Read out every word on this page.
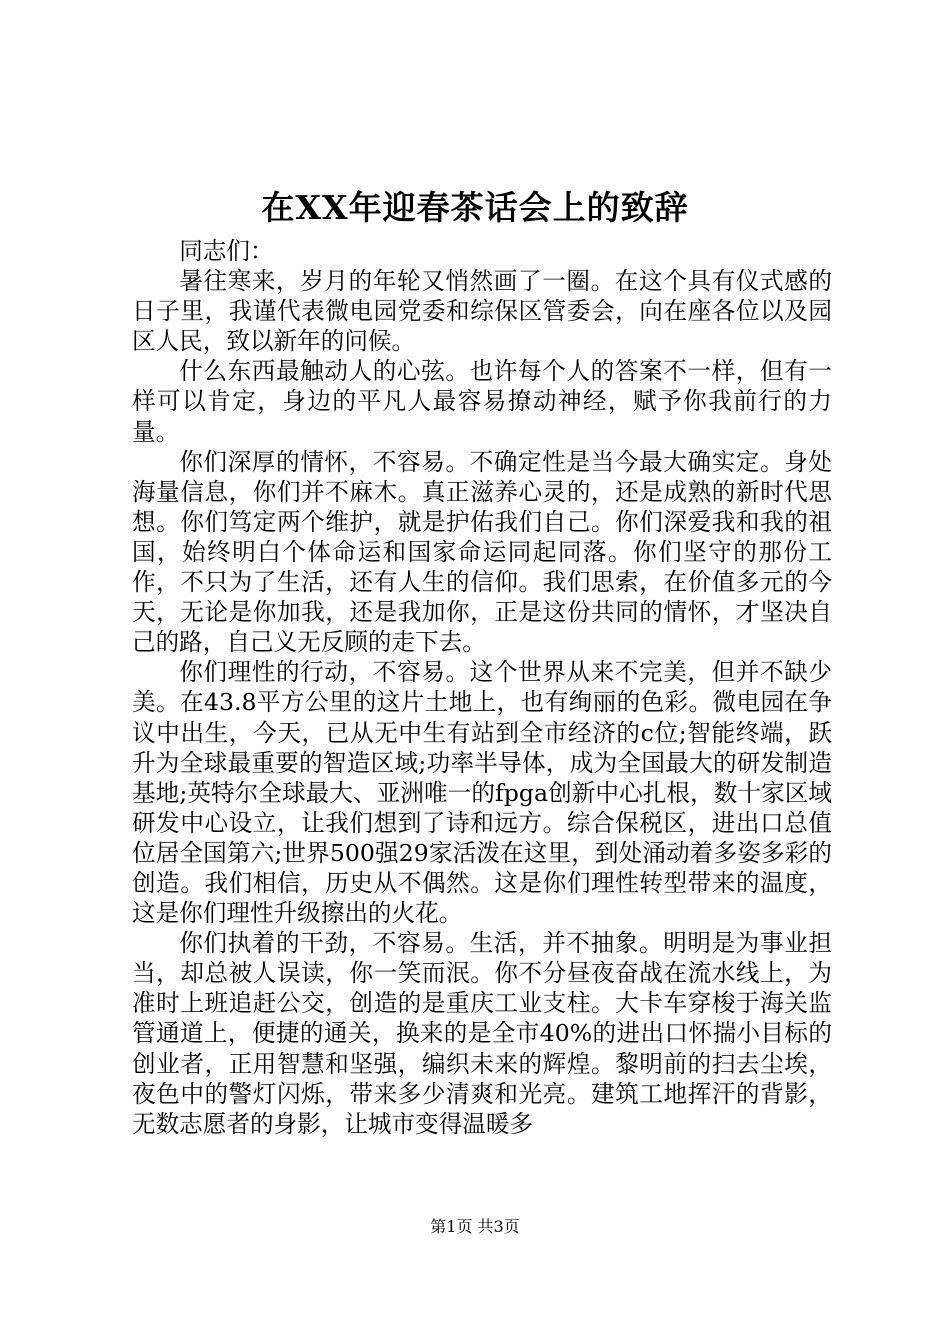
在XX年迎春茶话会上的致辞

同志们：

暑往寒来，岁月的年轮又悄然画了一圈。在这个具有仪式感的日子里，我谨代表微电园党委和综保区管委会，向在座各位以及园区人民，致以新年的问候。

什么东西最触动人的心弦。也许每个人的答案不一样，但有一样可以肯定，身边的平凡人最容易撩动神经，赋予你我前行的力量。

你们深厚的情怀，不容易。不确定性是当今最大确实定。身处海量信息，你们并不麻木。真正滋养心灵的，还是成熟的新时代思想。你们笃定两个维护，就是护佑我们自己。你们深爱我和我的祖国，始终明白个体命运和国家命运同起同落。你们坚守的那份工作，不只为了生活，还有人生的信仰。我们思索，在价值多元的今天，无论是你加我，还是我加你，正是这份共同的情怀，才坚决自己的路，自己义无反顾的走下去。

你们理性的行动，不容易。这个世界从来不完美，但并不缺少美。在43.8平方公里的这片土地上，也有绚丽的色彩。微电园在争议中出生，今天，已从无中生有站到全市经济的c位;智能终端，跃升为全球最重要的智造区域;功率半导体，成为全国最大的研发制造基地;英特尔全球最大、亚洲唯一的fpga创新中心扎根，数十家区域研发中心设立，让我们想到了诗和远方。综合保税区，进出口总值位居全国第六;世界500强29家活泼在这里，到处涌动着多姿多彩的创造。我们相信，历史从不偶然。这是你们理性转型带来的温度，这是你们理性升级擦出的火花。

你们执着的干劲，不容易。生活，并不抽象。明明是为事业担当，却总被人误读，你一笑而泯。你不分昼夜奋战在流水线上，为准时上班追赶公交，创造的是重庆工业支柱。大卡车穿梭于海关监管通道上，便捷的通关，换来的是全市40%的进出口怀揣小目标的创业者，正用智慧和坚强，编织未来的辉煌。黎明前的扫去尘埃，夜色中的警灯闪烁，带来多少清爽和光亮。建筑工地挥汗的背影，无数志愿者的身影，让城市变得温暖多

第1页 共3页
